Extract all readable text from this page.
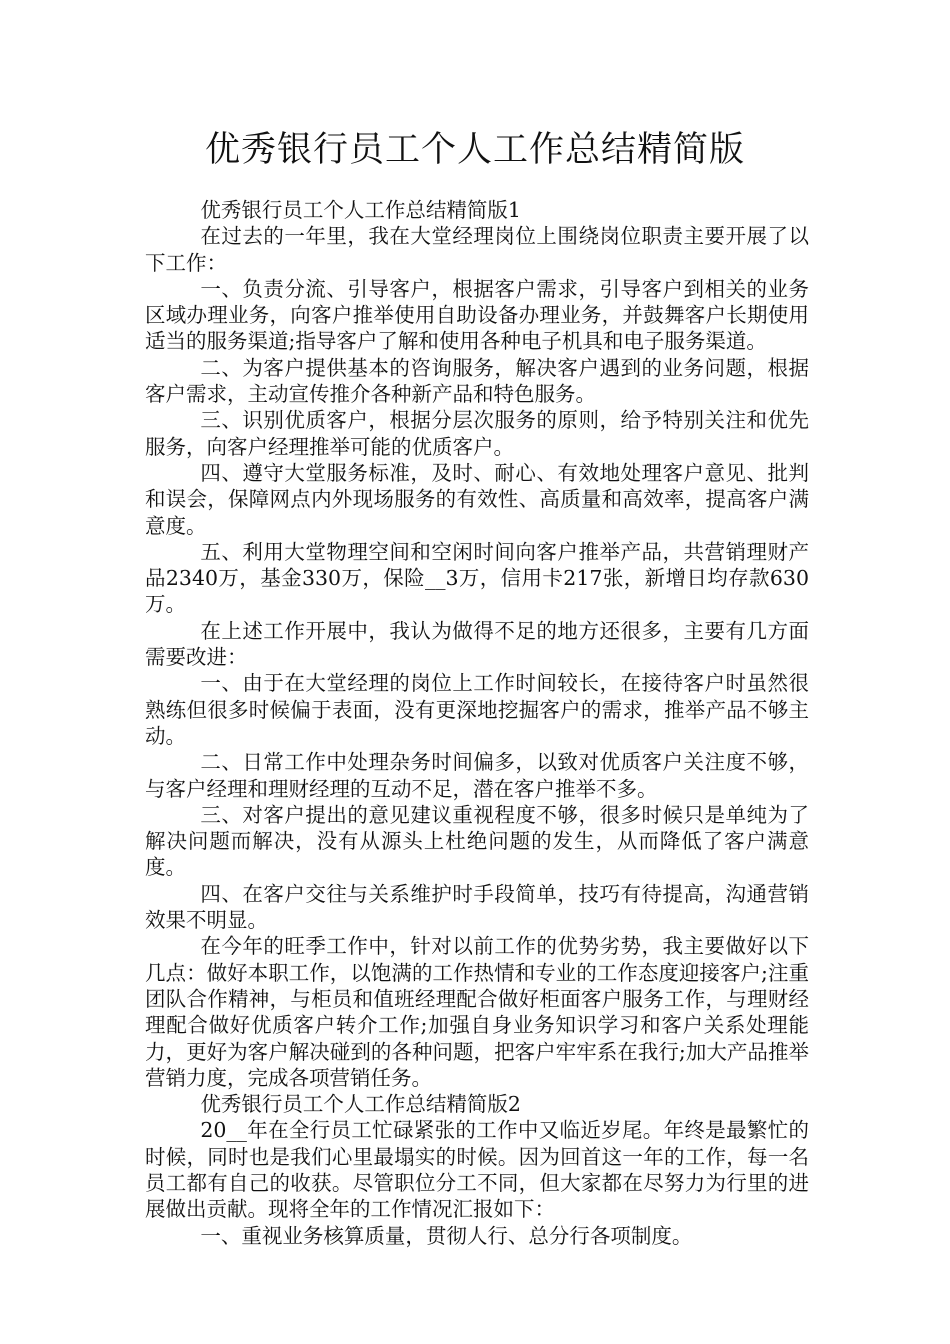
优秀银行员工个人工作总结精简版

优秀银行员工个人工作总结精简版1

在过去的一年里，我在大堂经理岗位上围绕岗位职责主要开展了以下工作：

一、负责分流、引导客户，根据客户需求，引导客户到相关的业务区域办理业务，向客户推举使用自助设备办理业务，并鼓舞客户长期使用适当的服务渠道;指导客户了解和使用各种电子机具和电子服务渠道。

二、为客户提供基本的咨询服务，解决客户遇到的业务问题，根据客户需求，主动宣传推介各种新产品和特色服务。

三、识别优质客户，根据分层次服务的原则，给予特别关注和优先服务，向客户经理推举可能的优质客户。

四、遵守大堂服务标准，及时、耐心、有效地处理客户意见、批判和误会，保障网点内外现场服务的有效性、高质量和高效率，提高客户满意度。

五、利用大堂物理空间和空闲时间向客户推举产品，共营销理财产品2340万，基金330万，保险__3万，信用卡217张，新增日均存款630万。

在上述工作开展中，我认为做得不足的地方还很多，主要有几方面需要改进：

一、由于在大堂经理的岗位上工作时间较长，在接待客户时虽然很熟练但很多时候偏于表面，没有更深地挖掘客户的需求，推举产品不够主动。

二、日常工作中处理杂务时间偏多，以致对优质客户关注度不够，与客户经理和理财经理的互动不足，潜在客户推举不多。

三、对客户提出的意见建议重视程度不够，很多时候只是单纯为了解决问题而解决，没有从源头上杜绝问题的发生，从而降低了客户满意度。

四、在客户交往与关系维护时手段简单，技巧有待提高，沟通营销效果不明显。

在今年的旺季工作中，针对以前工作的优势劣势，我主要做好以下几点：做好本职工作，以饱满的工作热情和专业的工作态度迎接客户;注重团队合作精神，与柜员和值班经理配合做好柜面客户服务工作，与理财经理配合做好优质客户转介工作;加强自身业务知识学习和客户关系处理能力，更好为客户解决碰到的各种问题，把客户牢牢系在我行;加大产品推举营销力度，完成各项营销任务。

优秀银行员工个人工作总结精简版2

20__年在全行员工忙碌紧张的工作中又临近岁尾。年终是最繁忙的时候，同时也是我们心里最塌实的时候。因为回首这一年的工作，每一名员工都有自己的收获。尽管职位分工不同，但大家都在尽努力为行里的进展做出贡献。现将全年的工作情况汇报如下：

一、重视业务核算质量，贯彻人行、总分行各项制度。
